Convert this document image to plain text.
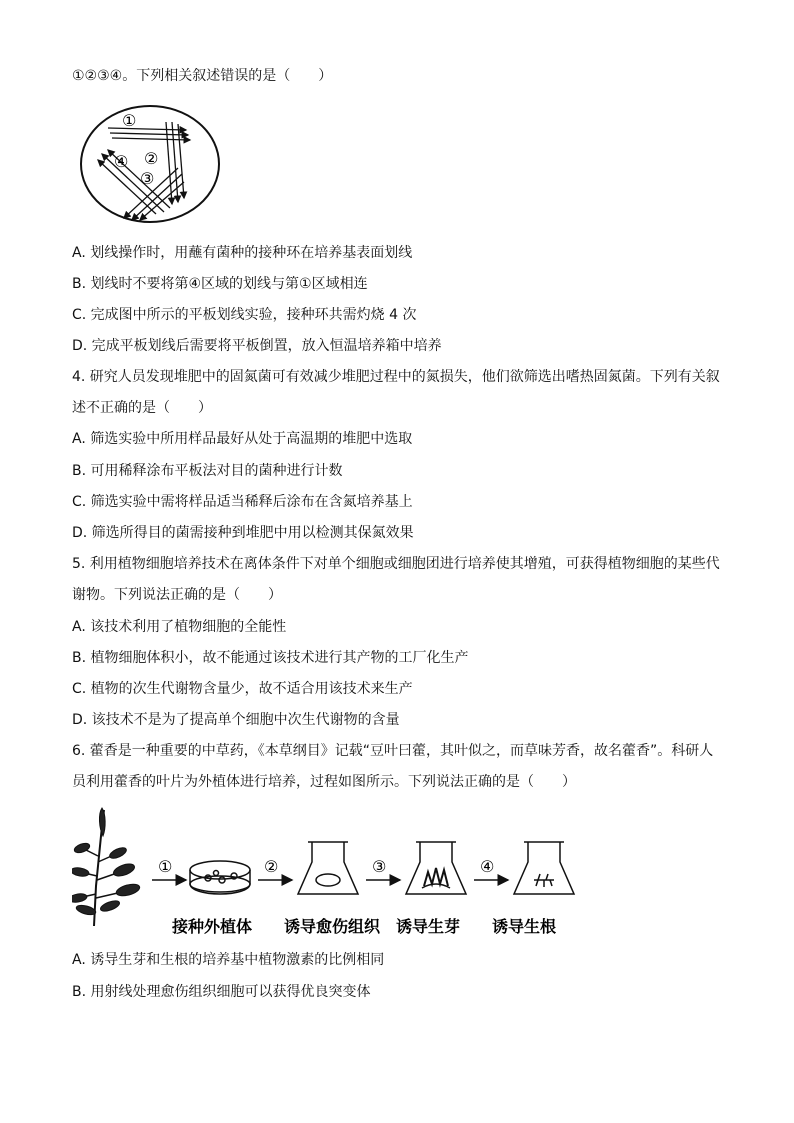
①②③④。下列相关叙述错误的是（　　）
①
②
③
④
A. 划线操作时，用蘸有菌种的接种环在培养基表面划线
B. 划线时不要将第④区域的划线与第①区域相连
C. 完成图中所示的平板划线实验，接种环共需灼烧 4 次
D. 完成平板划线后需要将平板倒置，放入恒温培养箱中培养
4. 研究人员发现堆肥中的固氮菌可有效减少堆肥过程中的氮损失，他们欲筛选出嗜热固氮菌。下列有关叙
述不正确的是（　　）
A. 筛选实验中所用样品最好从处于高温期的堆肥中选取
B. 可用稀释涂布平板法对目的菌种进行计数
C. 筛选实验中需将样品适当稀释后涂布在含氮培养基上
D. 筛选所得目的菌需接种到堆肥中用以检测其保氮效果
5. 利用植物细胞培养技术在离体条件下对单个细胞或细胞团进行培养使其增殖，可获得植物细胞的某些代
谢物。下列说法正确的是（　　）
A. 该技术利用了植物细胞的全能性
B. 植物细胞体积小，故不能通过该技术进行其产物的工厂化生产
C. 植物的次生代谢物含量少，故不适合用该技术来生产
D. 该技术不是为了提高单个细胞中次生代谢物的含量
6. 藿香是一种重要的中草药，《本草纲目》记载“豆叶曰藿，其叶似之，而草味芳香，故名藿香”。科研人
员利用藿香的叶片为外植体进行培养，过程如图所示。下列说法正确的是（　　）
①	②	③	④
接种外植体 诱导愈伤组织 诱导生芽 诱导生根
A. 诱导生芽和生根的培养基中植物激素的比例相同
B. 用射线处理愈伤组织细胞可以获得优良突变体
